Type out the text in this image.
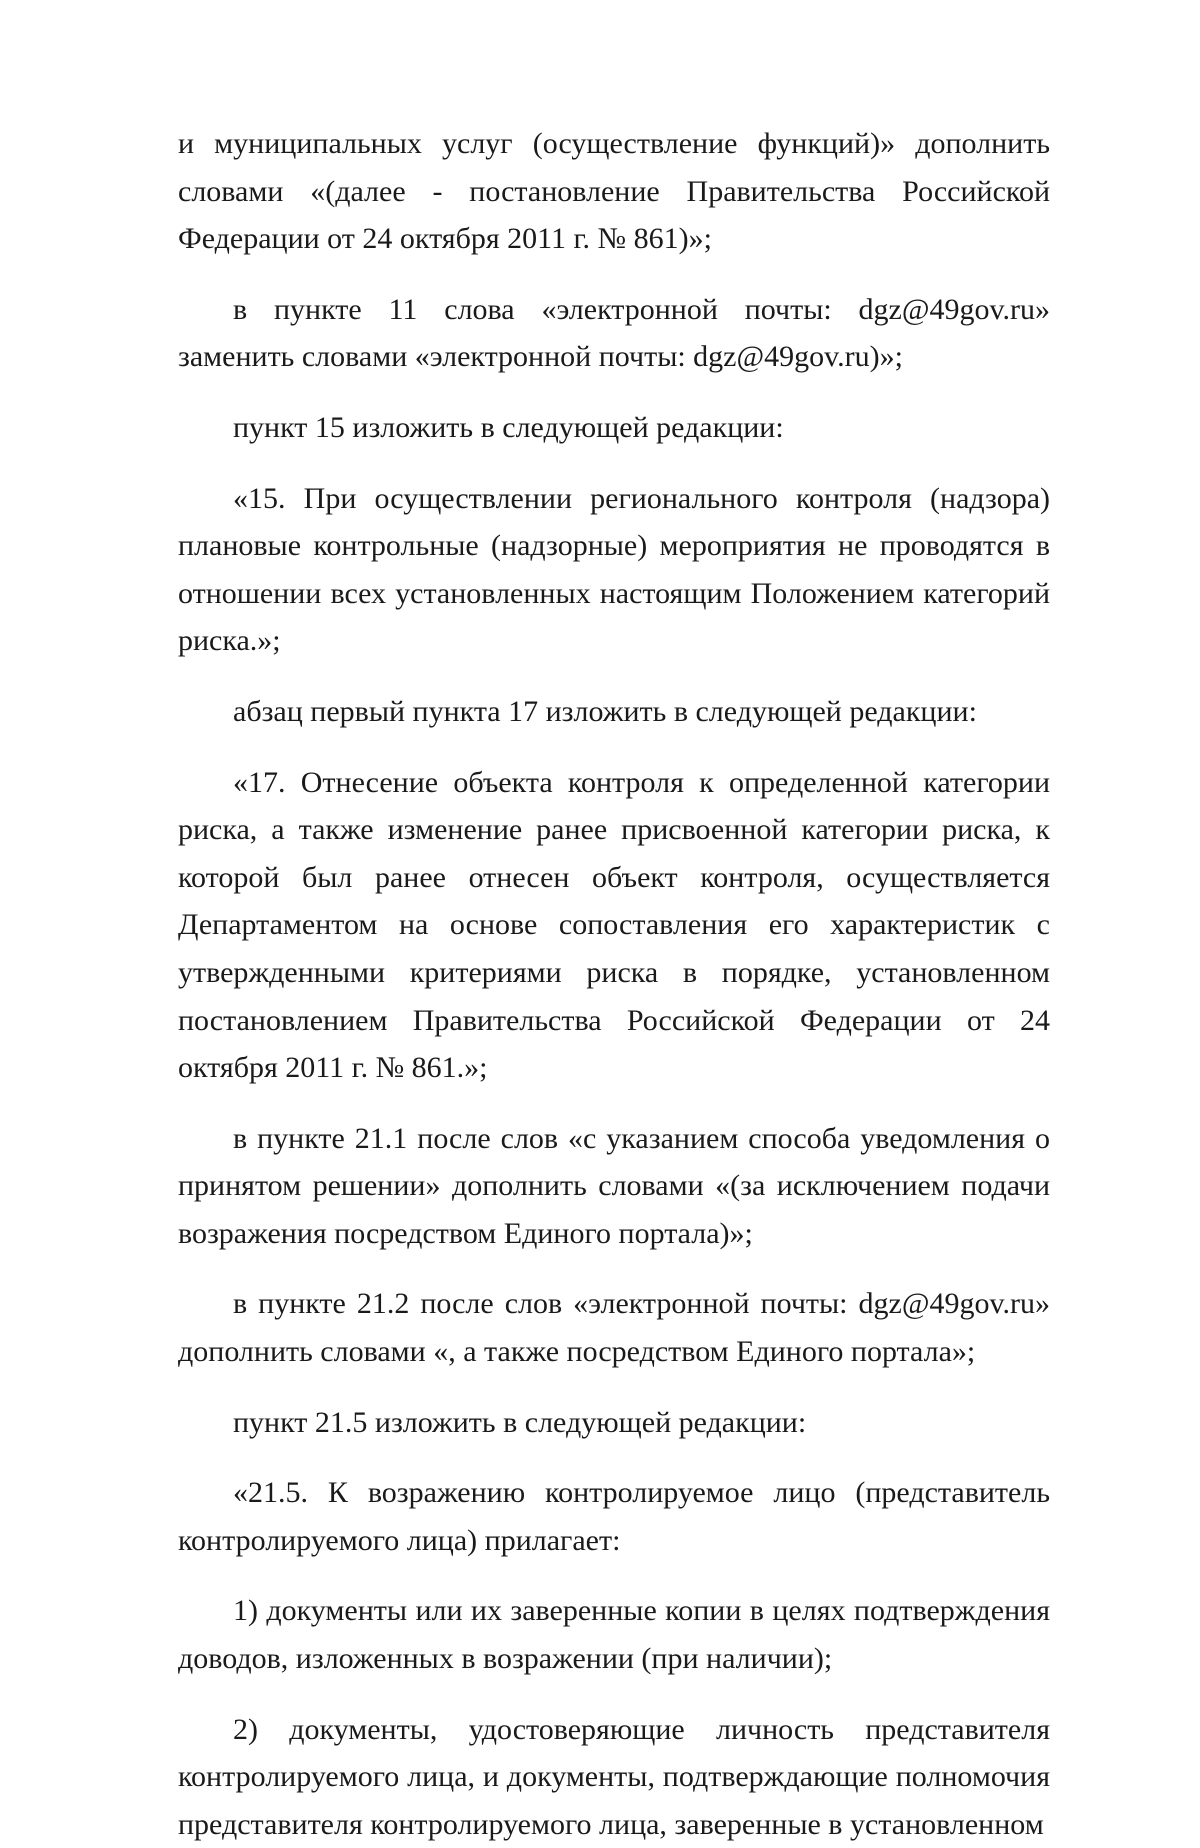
и муниципальных услуг (осуществление функций)» дополнить словами «(далее - постановление Правительства Российской Федерации от 24 октября 2011 г. № 861)»;

в пункте 11 слова «электронной почты: dgz@49gov.ru» заменить словами «электронной почты: dgz@49gov.ru)»;

пункт 15 изложить в следующей редакции:

«15. При осуществлении регионального контроля (надзора) плановые контрольные (надзорные) мероприятия не проводятся в отношении всех установленных настоящим Положением категорий риска.»;

абзац первый пункта 17 изложить в следующей редакции:

«17. Отнесение объекта контроля к определенной категории риска, а также изменение ранее присвоенной категории риска, к которой был ранее отнесен объект контроля, осуществляется Департаментом на основе сопоставления его характеристик с утвержденными критериями риска в порядке, установленном постановлением Правительства Российской Федерации от 24 октября 2011 г. № 861.»;

в пункте 21.1 после слов «с указанием способа уведомления о принятом решении» дополнить словами «(за исключением подачи возражения посредством Единого портала)»;

в пункте 21.2 после слов «электронной почты: dgz@49gov.ru» дополнить словами «, а также посредством Единого портала»;

пункт 21.5 изложить в следующей редакции:

«21.5. К возражению контролируемое лицо (представитель контролируемого лица) прилагает:

1) документы или их заверенные копии в целях подтверждения доводов, изложенных в возражении (при наличии);

2) документы, удостоверяющие личность представителя контролируемого лица, и документы, подтверждающие полномочия представителя контролируемого лица, заверенные в установленном
